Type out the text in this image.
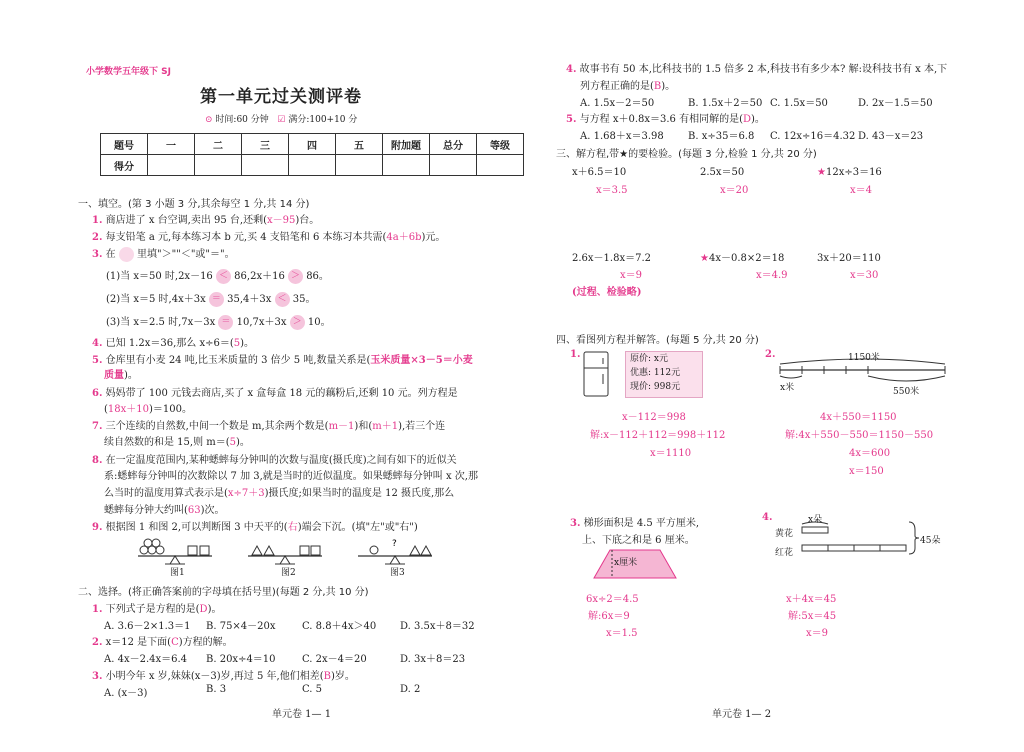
小学数学五年级下 SJ
第一单元过关测评卷
⊙ 时间:60 分钟 ☑ 满分:100+10 分
题号	一	二	三	四	五	附加题	总分	等级
得分								
一、填空。(第 3 小题 3 分,其余每空 1 分,共 14 分)
1. 商店进了 x 台空调,卖出 95 台,还剩(x－95)台。
2. 每支铅笔 a 元,每本练习本 b 元,买 4 支铅笔和 6 本练习本共需(4a＋6b)元。
3. 在 里填"＞""＜"或"＝"。
(1)当 x＝50 时,2x－16 ＜ 86,2x＋16 ＞ 86。
(2)当 x＝5 时,4x＋3x ＝ 35,4＋3x ＜ 35。
(3)当 x＝2.5 时,7x－3x ＝ 10,7x＋3x ＞ 10。
4. 已知 1.2x＝36,那么 x÷6＝(5)。
5. 仓库里有小麦 24 吨,比玉米质量的 3 倍少 5 吨,数量关系是(玉米质量×3－5＝小麦
质量)。
6. 妈妈带了 100 元钱去商店,买了 x 盒每盒 18 元的藕粉后,还剩 10 元。列方程是
(18x＋10)＝100。
7. 三个连续的自然数,中间一个数是 m,其余两个数是(m－1)和(m＋1),若三个连
续自然数的和是 15,则 m＝(5)。
8. 在一定温度范围内,某种蟋蟀每分钟叫的次数与温度(摄氏度)之间有如下的近似关
系:蟋蟀每分钟叫的次数除以 7 加 3,就是当时的近似温度。如果蟋蟀每分钟叫 x 次,那
么当时的温度用算式表示是(x÷7＋3)摄氏度;如果当时的温度是 12 摄氏度,那么
蟋蟀每分钟大约叫(63)次。
9. 根据图 1 和图 2,可以判断图 3 中天平的(右)端会下沉。(填"左"或"右")
?
图1	图2	图3
二、选择。(将正确答案前的字母填在括号里)(每题 2 分,共 10 分)
1. 下列式子是方程的是(D)。
A. 3.6－2×1.3＝1 B. 75×4－20x	C. 8.8＋4x＞40 D. 3.5x＋8＝32
2. x＝12 是下面(C)方程的解。
A. 4x－2.4x＝6.4 B. 20x÷4＝10	C. 2x－4＝20	D. 3x＋8＝23
3. 小明今年 x 岁,妹妹(x－3)岁,再过 5 年,他们相差(B)岁。
A. (x－3)	B. 3	C. 5	D. 2
单元卷 1— 1
4. 故事书有 50 本,比科技书的 1.5 倍多 2 本,科技书有多少本? 解:设科技书有 x 本,下
列方程正确的是(B)。
A. 1.5x－2＝50	B. 1.5x＋2＝50 C. 1.5x＝50	D. 2x－1.5＝50
5. 与方程 x＋0.8x＝3.6 有相同解的是(D)。
A. 1.68＋x＝3.98 B. x÷35＝6.8 C. 12x÷16＝4.32 D. 43－x＝23
三、解方程,带★的要检验。(每题 3 分,检验 1 分,共 20 分)
x＋6.5＝10
x＝3.5
2.5x＝50
x＝20
★12x÷3＝16
x＝4
2.6x－1.8x＝7.2
x＝9
★4x－0.8×2＝18
x＝4.9
3x＋20＝110
x＝30
(过程、检验略)
四、看图列方程并解答。(每题 5 分,共 20 分)
1.	原价: x元
优惠: 112元
现价: 998元
x－112＝998
解:x－112＋112＝998＋112
x＝1110
2.	1150米
x米	550米
4x＋550＝1150
解:4x＋550－550＝1150－550
4x＝600
x＝150
3. 梯形面积是 4.5 平方厘米,
上、下底之和是 6 厘米。
x厘米
6x÷2＝4.5
解:6x＝9
x＝1.5
4.	x朵
黄花
红花
45朵
x＋4x＝45
解:5x＝45
x＝9
单元卷 1— 2
